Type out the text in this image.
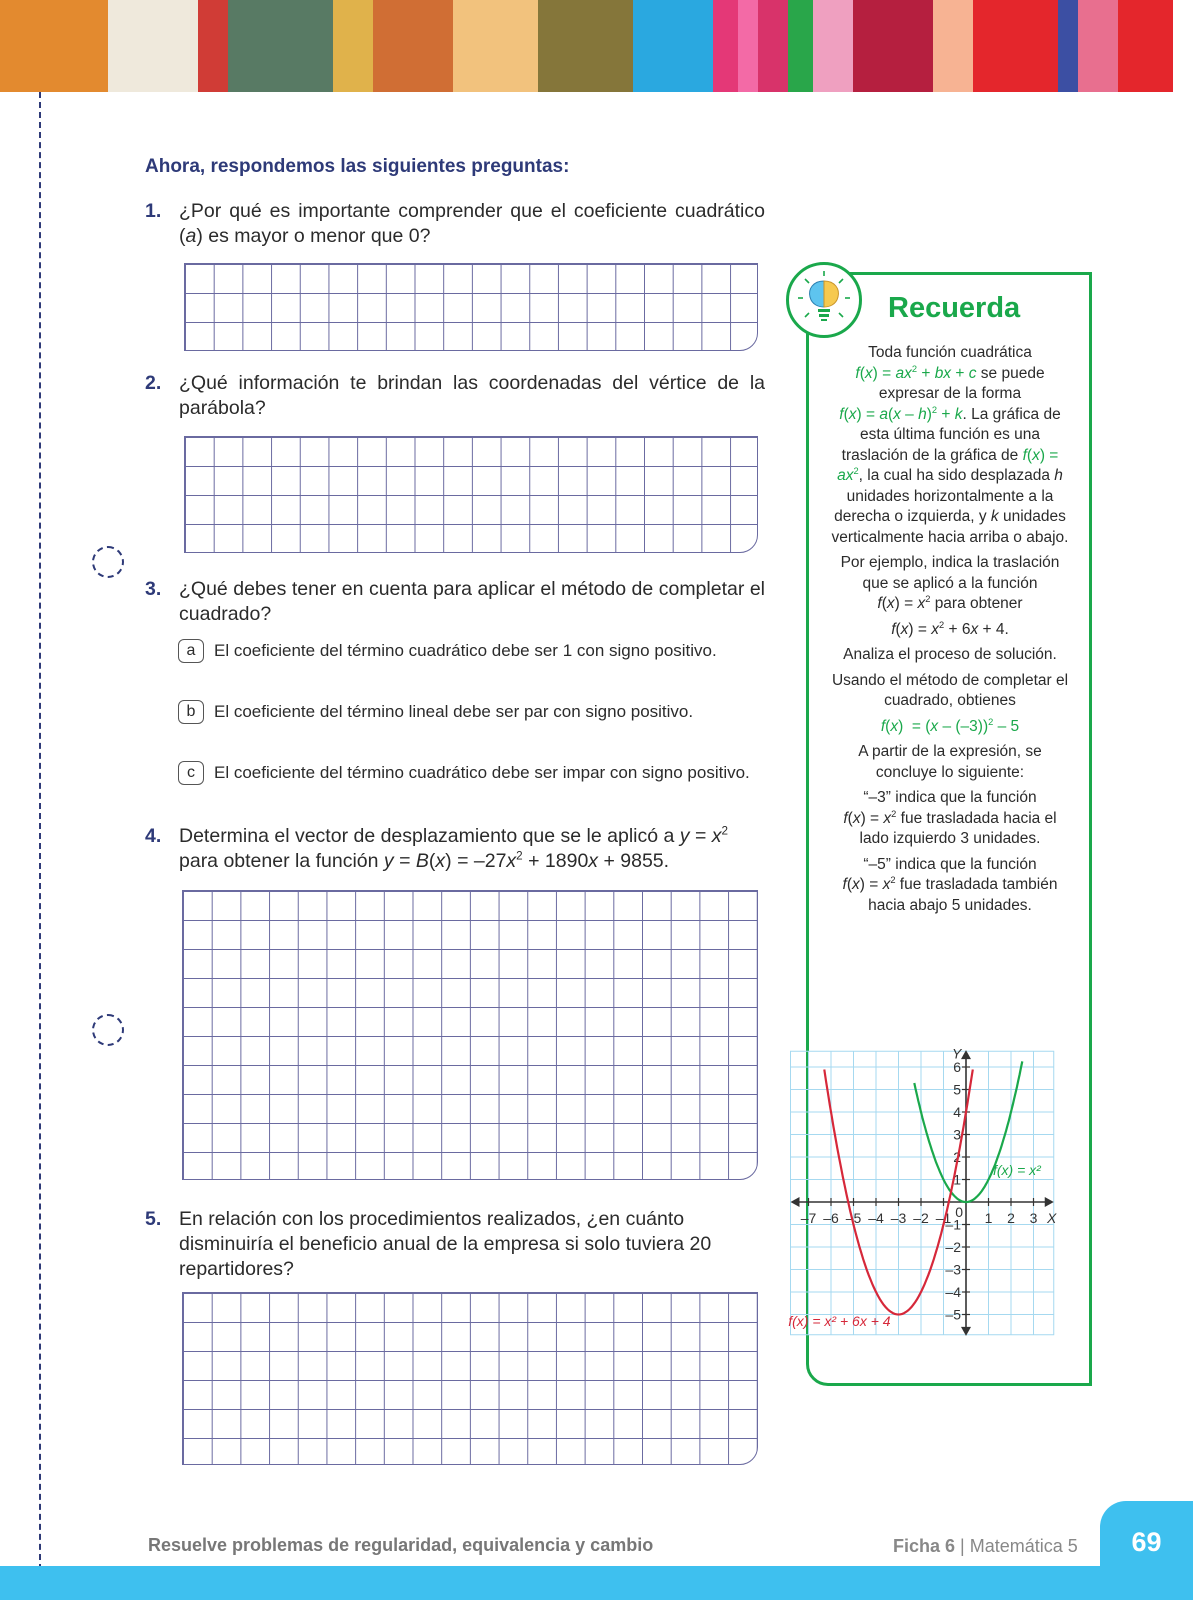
Ahora, respondemos las siguientes preguntas:
1. ¿Por qué es importante comprender que el coeficiente cuadrático (a) es mayor o menor que 0?
2. ¿Qué información te brindan las coordenadas del vértice de la parábola?
3. ¿Qué debes tener en cuenta para aplicar el método de completar el cuadrado?
a	El coeficiente del término cuadrático debe ser 1 con signo positivo.
b	El coeficiente del término lineal debe ser par con signo positivo.
c	El coeficiente del término cuadrático debe ser impar con signo positivo.
4. Determina el vector de desplazamiento que se le aplicó a $y = x^2$
para obtener la función $y = B(x) = -27x^2 + 1890x + 9855$.
5. En relación con los procedimientos realizados, ¿en cuánto disminuiría el beneficio anual de la empresa si solo tuviera 20 repartidores?
Recuerda

Toda función cuadrática
$f(x) = ax^2$ + bx + c se puede expresar de la forma
f(x) = a(x – h)$^2$ + k. La gráfica de esta última función es una traslación de la gráfica de $f(x) = ax^2$, la cual ha sido desplazada h unidades horizontalmente a la derecha o izquierda, y k unidades verticalmente hacia arriba o abajo.

Por ejemplo, indica la traslación que se aplicó a la función
$f(x) = x^2$ para obtener

$f(x) = x^2 + 6x + 4$.

Analiza el proceso de solución.

Usando el método de completar el cuadrado, obtienes

f(x)  = (x – (–3))$^2$ – 5

A partir de la expresión, se concluye lo siguiente:

“–3” indica que la función
$f(x) = x^2$ fue trasladada hacia el lado izquierdo 3 unidades.

“–5” indica que la función
$f(x) = x^2$ fue trasladada también hacia abajo 5 unidades.

–7 –6 –5 –4 –3 –2 –1 1 2 3
6
5
4
3
2
1
–1
–2
–3
–4
–5
0	X
Y
f(x) = x²
f(x) = x² + 6x + 4
69
Resuelve problemas de regularidad, equivalencia y cambio	Ficha 6 | Matemática 5
